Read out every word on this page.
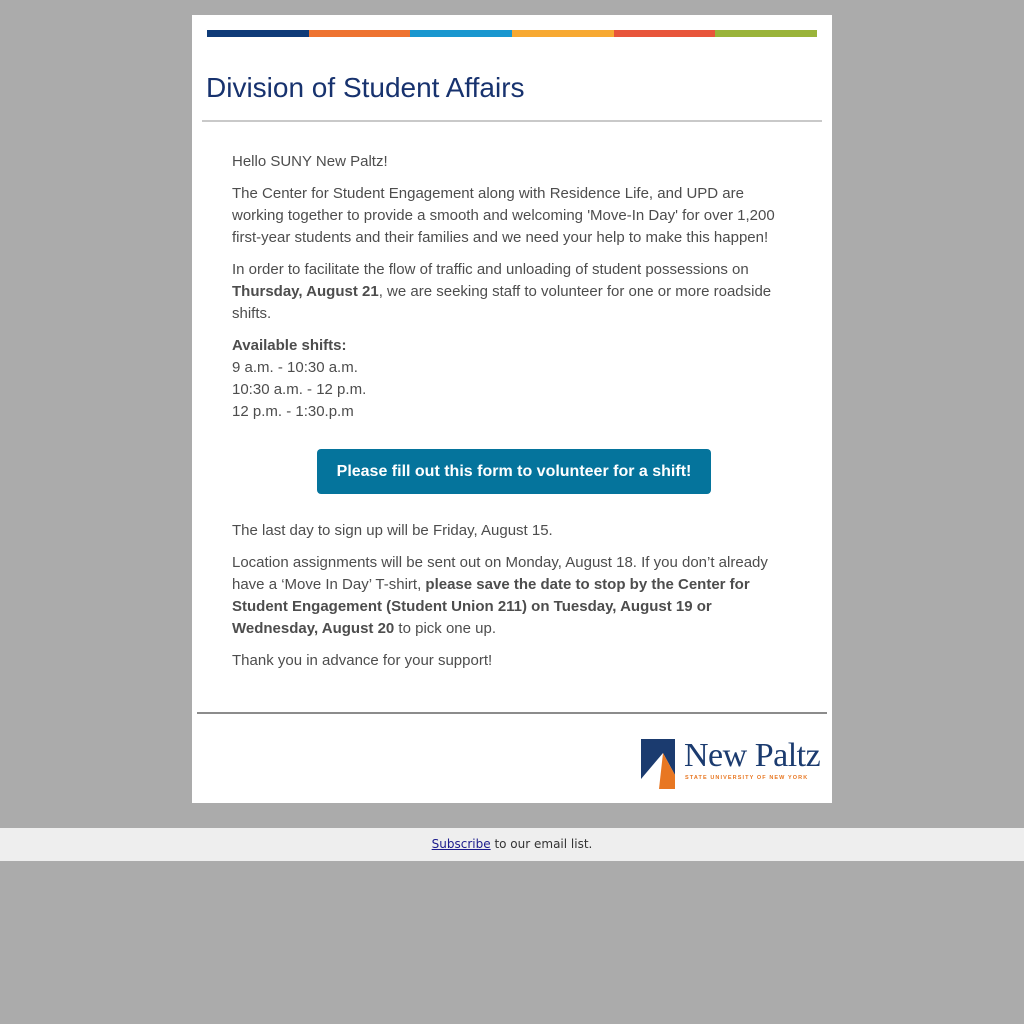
Division of Student Affairs

Hello SUNY New Paltz!

The Center for Student Engagement along with Residence Life, and UPD are working together to provide a smooth and welcoming 'Move-In Day' for over 1,200 first-year students and their families and we need your help to make this happen!

In order to facilitate the flow of traffic and unloading of student possessions on Thursday, August 21, we are seeking staff to volunteer for one or more roadside shifts.

Available shifts:
9 a.m. - 10:30 a.m.
10:30 a.m. - 12 p.m.
12 p.m. - 1:30.p.m

Please fill out this form to volunteer for a shift!

The last day to sign up will be Friday, August 15.

Location assignments will be sent out on Monday, August 18. If you don’t already have a ‘Move In Day’ T-shirt, please save the date to stop by the Center for Student Engagement (Student Union 211) on Tuesday, August 19 or Wednesday, August 20 to pick one up.

Thank you in advance for your support!

New Paltz
STATE UNIVERSITY OF NEW YORK
Subscribe to our email list.
